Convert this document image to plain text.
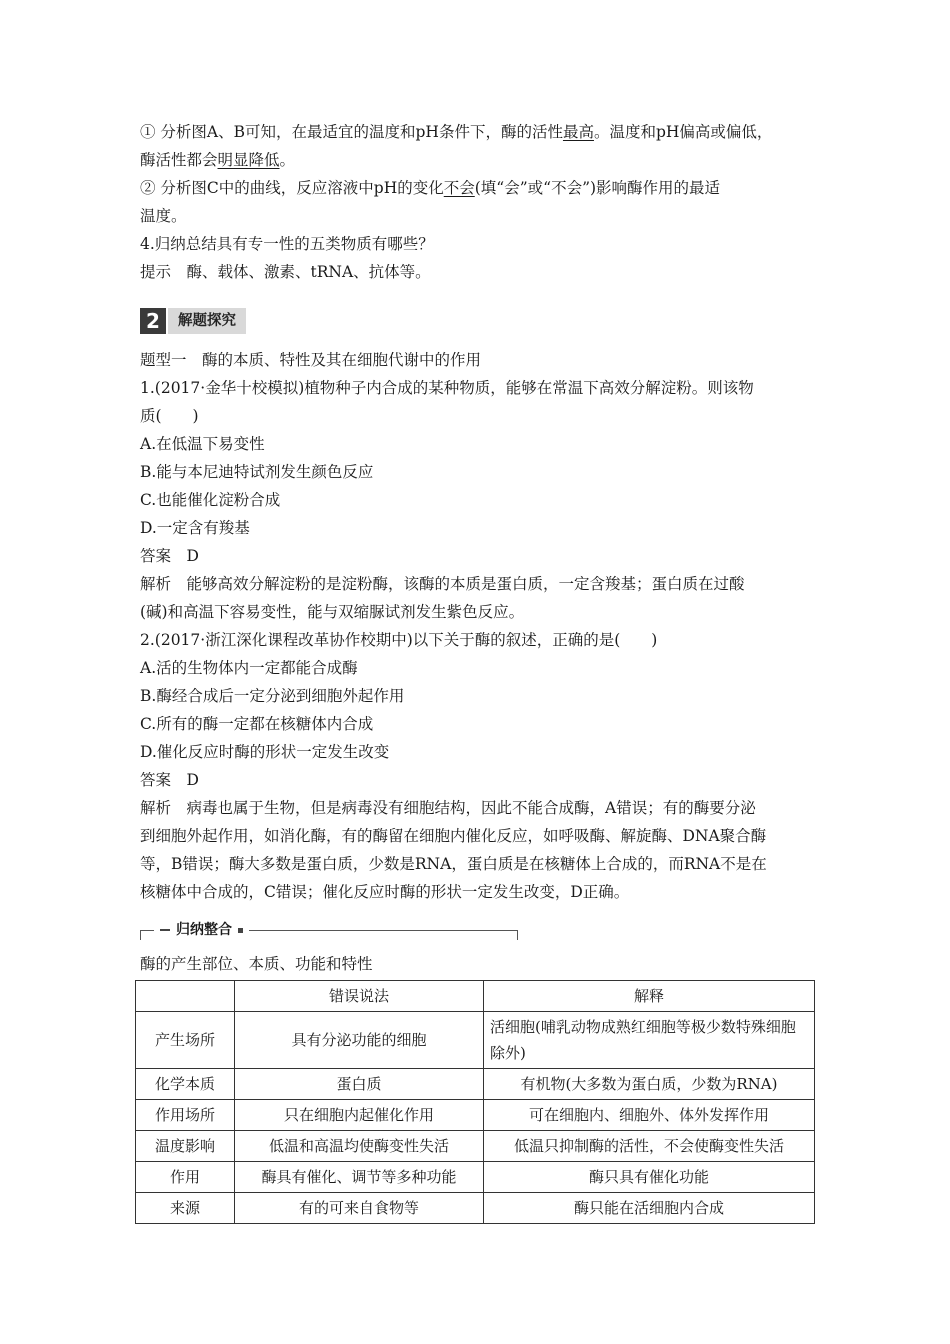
① 分析图A、B可知，在最适宜的温度和pH条件下，酶的活性最高。温度和pH偏高或偏低，

酶活性都会明显降低。

② 分析图C中的曲线，反应溶液中pH的变化不会(填“会”或“不会”)影响酶作用的最适

温度。

4.归纳总结具有专一性的五类物质有哪些？

提示　酶、载体、激素、tRNA、抗体等。

2	解题探究

题型一　酶的本质、特性及其在细胞代谢中的作用

1.(2017·金华十校模拟)植物种子内合成的某种物质，能够在常温下高效分解淀粉。则该物

质(　　)

A.在低温下易变性

B.能与本尼迪特试剂发生颜色反应

C.也能催化淀粉合成

D.一定含有羧基

答案　D

解析　能够高效分解淀粉的是淀粉酶，该酶的本质是蛋白质，一定含羧基；蛋白质在过酸

(碱)和高温下容易变性，能与双缩脲试剂发生紫色反应。

2.(2017·浙江深化课程改革协作校期中)以下关于酶的叙述，正确的是(　　)

A.活的生物体内一定都能合成酶

B.酶经合成后一定分泌到细胞外起作用

C.所有的酶一定都在核糖体内合成

D.催化反应时酶的形状一定发生改变

答案　D

解析　病毒也属于生物，但是病毒没有细胞结构，因此不能合成酶，A错误；有的酶要分泌

到细胞外起作用，如消化酶，有的酶留在细胞内催化反应，如呼吸酶、解旋酶、DNA聚合酶

等，B错误；酶大多数是蛋白质，少数是RNA，蛋白质是在核糖体上合成的，而RNA不是在

核糖体中合成的，C错误；催化反应时酶的形状一定发生改变，D正确。

归纳整合

酶的产生部位、本质、功能和特性

	错误说法	解释
产生场所	具有分泌功能的细胞	活细胞(哺乳动物成熟红细胞等极少数特殊细胞除外)
化学本质	蛋白质	有机物(大多数为蛋白质，少数为RNA)
作用场所	只在细胞内起催化作用	可在细胞内、细胞外、体外发挥作用
温度影响	低温和高温均使酶变性失活	低温只抑制酶的活性，不会使酶变性失活
作用	酶具有催化、调节等多种功能	酶只具有催化功能
来源	有的可来自食物等	酶只能在活细胞内合成
